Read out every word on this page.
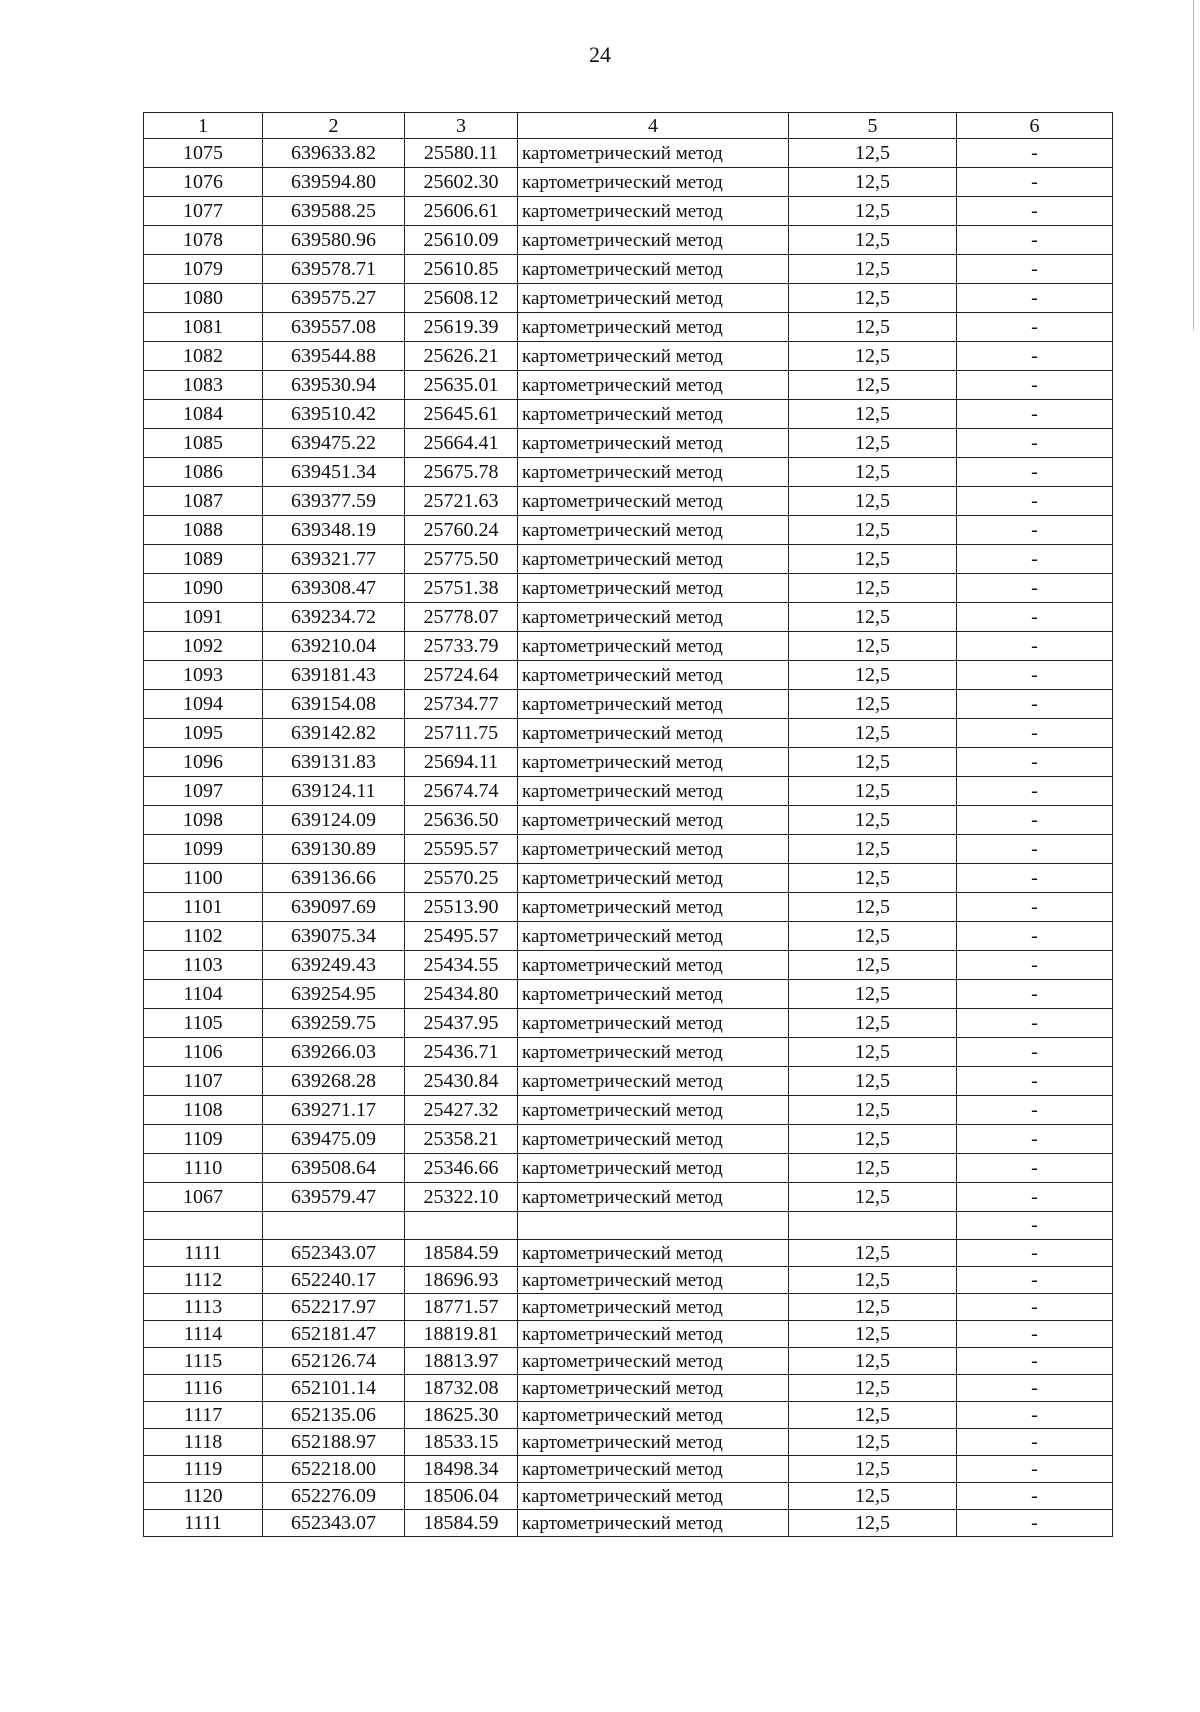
24
1	2	3	4	5	6
1075	639633.82	25580.11	картометрический метод	12,5	-
1076	639594.80	25602.30	картометрический метод	12,5	-
1077	639588.25	25606.61	картометрический метод	12,5	-
1078	639580.96	25610.09	картометрический метод	12,5	-
1079	639578.71	25610.85	картометрический метод	12,5	-
1080	639575.27	25608.12	картометрический метод	12,5	-
1081	639557.08	25619.39	картометрический метод	12,5	-
1082	639544.88	25626.21	картометрический метод	12,5	-
1083	639530.94	25635.01	картометрический метод	12,5	-
1084	639510.42	25645.61	картометрический метод	12,5	-
1085	639475.22	25664.41	картометрический метод	12,5	-
1086	639451.34	25675.78	картометрический метод	12,5	-
1087	639377.59	25721.63	картометрический метод	12,5	-
1088	639348.19	25760.24	картометрический метод	12,5	-
1089	639321.77	25775.50	картометрический метод	12,5	-
1090	639308.47	25751.38	картометрический метод	12,5	-
1091	639234.72	25778.07	картометрический метод	12,5	-
1092	639210.04	25733.79	картометрический метод	12,5	-
1093	639181.43	25724.64	картометрический метод	12,5	-
1094	639154.08	25734.77	картометрический метод	12,5	-
1095	639142.82	25711.75	картометрический метод	12,5	-
1096	639131.83	25694.11	картометрический метод	12,5	-
1097	639124.11	25674.74	картометрический метод	12,5	-
1098	639124.09	25636.50	картометрический метод	12,5	-
1099	639130.89	25595.57	картометрический метод	12,5	-
1100	639136.66	25570.25	картометрический метод	12,5	-
1101	639097.69	25513.90	картометрический метод	12,5	-
1102	639075.34	25495.57	картометрический метод	12,5	-
1103	639249.43	25434.55	картометрический метод	12,5	-
1104	639254.95	25434.80	картометрический метод	12,5	-
1105	639259.75	25437.95	картометрический метод	12,5	-
1106	639266.03	25436.71	картометрический метод	12,5	-
1107	639268.28	25430.84	картометрический метод	12,5	-
1108	639271.17	25427.32	картометрический метод	12,5	-
1109	639475.09	25358.21	картометрический метод	12,5	-
1110	639508.64	25346.66	картометрический метод	12,5	-
1067	639579.47	25322.10	картометрический метод	12,5	-
					-
1111	652343.07	18584.59	картометрический метод	12,5	-
1112	652240.17	18696.93	картометрический метод	12,5	-
1113	652217.97	18771.57	картометрический метод	12,5	-
1114	652181.47	18819.81	картометрический метод	12,5	-
1115	652126.74	18813.97	картометрический метод	12,5	-
1116	652101.14	18732.08	картометрический метод	12,5	-
1117	652135.06	18625.30	картометрический метод	12,5	-
1118	652188.97	18533.15	картометрический метод	12,5	-
1119	652218.00	18498.34	картометрический метод	12,5	-
1120	652276.09	18506.04	картометрический метод	12,5	-
1111	652343.07	18584.59	картометрический метод	12,5	-
